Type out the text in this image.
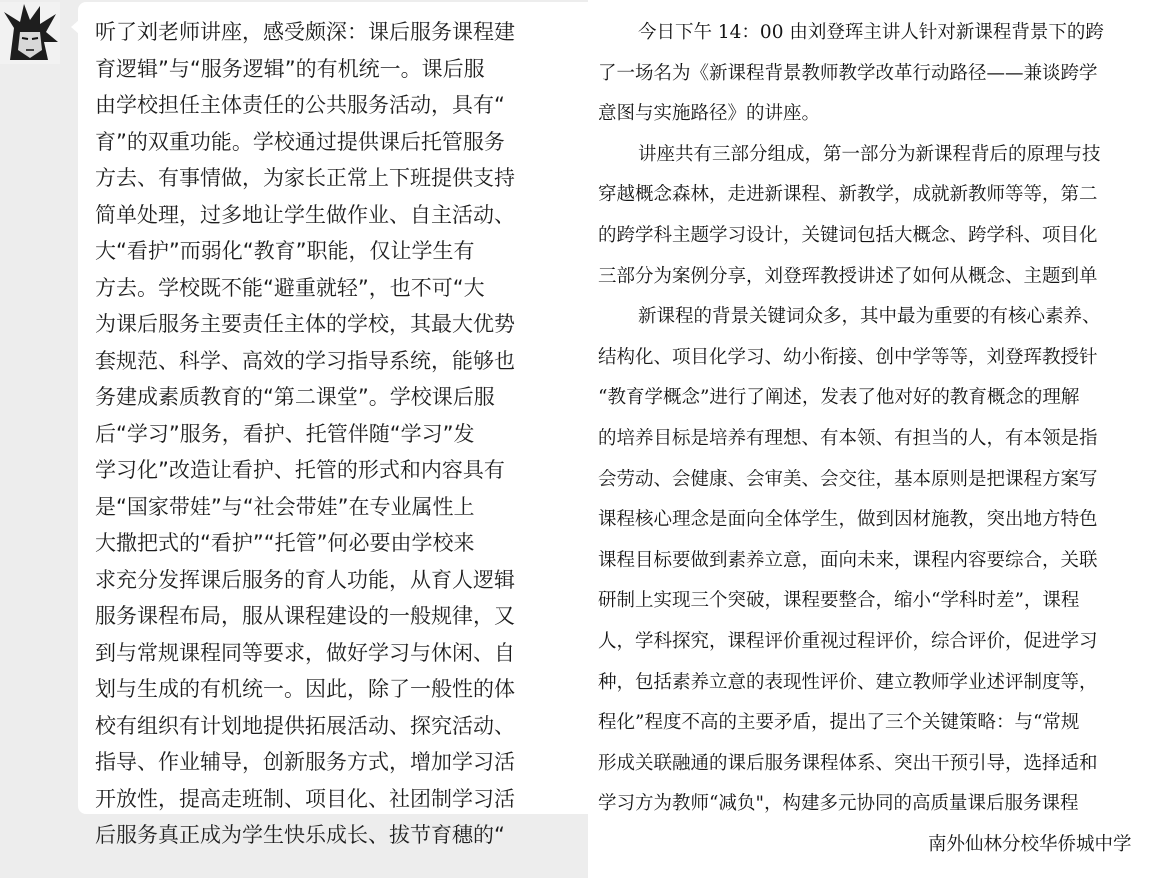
听了刘老师讲座，感受颇深：课后服务课程建
育逻辑”与“服务逻辑”的有机统一。课后服
由学校担任主体责任的公共服务活动，具有“
育”的双重功能。学校通过提供课后托管服务
方去、有事情做，为家长正常上下班提供支持
简单处理，过多地让学生做作业、自主活动、
大“看护”而弱化“教育”职能，仅让学生有
方去。学校既不能“避重就轻”，也不可“大
为课后服务主要责任主体的学校，其最大优势
套规范、科学、高效的学习指导系统，能够也
务建成素质教育的“第二课堂”。学校课后服
后“学习”服务，看护、托管伴随“学习”发
学习化”改造让看护、托管的形式和内容具有
是“国家带娃”与“社会带娃”在专业属性上
大撒把式的“看护”“托管”何必要由学校来
求充分发挥课后服务的育人功能，从育人逻辑
服务课程布局，服从课程建设的一般规律，又
到与常规课程同等要求，做好学习与休闲、自
划与生成的有机统一。因此，除了一般性的体
校有组织有计划地提供拓展活动、探究活动、
指导、作业辅导，创新服务方式，增加学习活
开放性，提高走班制、项目化、社团制学习活
后服务真正成为学生快乐成长、拔节育穗的“
今日下午 14：00 由刘登珲主讲人针对新课程背景下的跨
了一场名为《新课程背景教师教学改革行动路径——兼谈跨学
意图与实施路径》的讲座。
讲座共有三部分组成，第一部分为新课程背后的原理与技
穿越概念森林，走进新课程、新教学，成就新教师等等，第二
的跨学科主题学习设计，关键词包括大概念、跨学科、项目化
三部分为案例分享，刘登珲教授讲述了如何从概念、主题到单
新课程的背景关键词众多，其中最为重要的有核心素养、
结构化、项目化学习、幼小衔接、创中学等等，刘登珲教授针
“教育学概念”进行了阐述，发表了他对好的教育概念的理解
的培养目标是培养有理想、有本领、有担当的人，有本领是指
会劳动、会健康、会审美、会交往，基本原则是把课程方案写
课程核心理念是面向全体学生，做到因材施教，突出地方特色
课程目标要做到素养立意，面向未来，课程内容要综合，关联
研制上实现三个突破，课程要整合，缩小“学科时差”，课程
人，学科探究，课程评价重视过程评价，综合评价，促进学习
种，包括素养立意的表现性评价、建立教师学业述评制度等，
程化”程度不高的主要矛盾，提出了三个关键策略：与“常规
形成关联融通的课后服务课程体系、突出干预引导，选择适和
学习方为教师“减负"，构建多元协同的高质量课后服务课程
南外仙林分校华侨城中学
